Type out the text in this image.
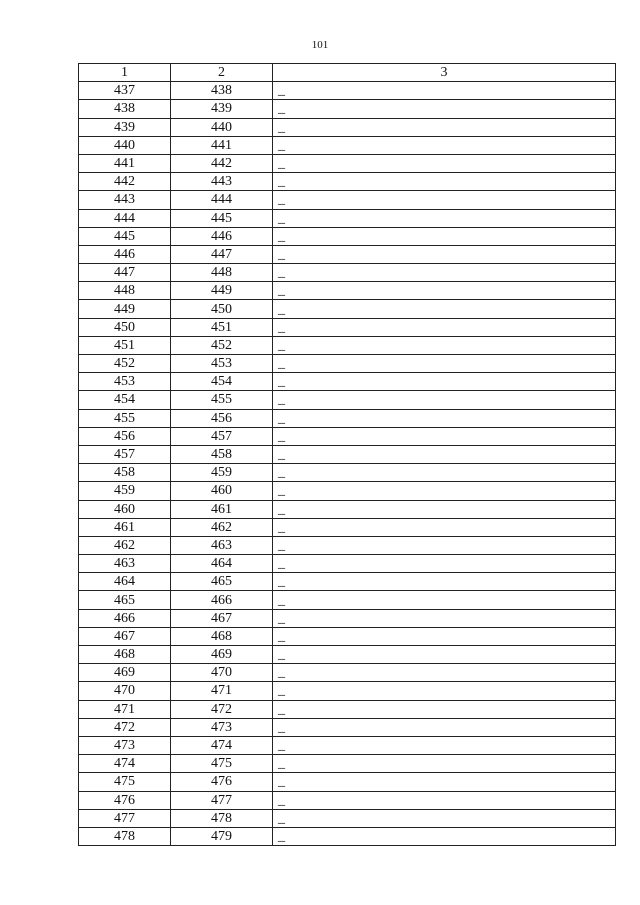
101
1	2	3
437	438	_
438	439	_
439	440	_
440	441	_
441	442	_
442	443	_
443	444	_
444	445	_
445	446	_
446	447	_
447	448	_
448	449	_
449	450	_
450	451	_
451	452	_
452	453	_
453	454	_
454	455	_
455	456	_
456	457	_
457	458	_
458	459	_
459	460	_
460	461	_
461	462	_
462	463	_
463	464	_
464	465	_
465	466	_
466	467	_
467	468	_
468	469	_
469	470	_
470	471	_
471	472	_
472	473	_
473	474	_
474	475	_
475	476	_
476	477	_
477	478	_
478	479	_
